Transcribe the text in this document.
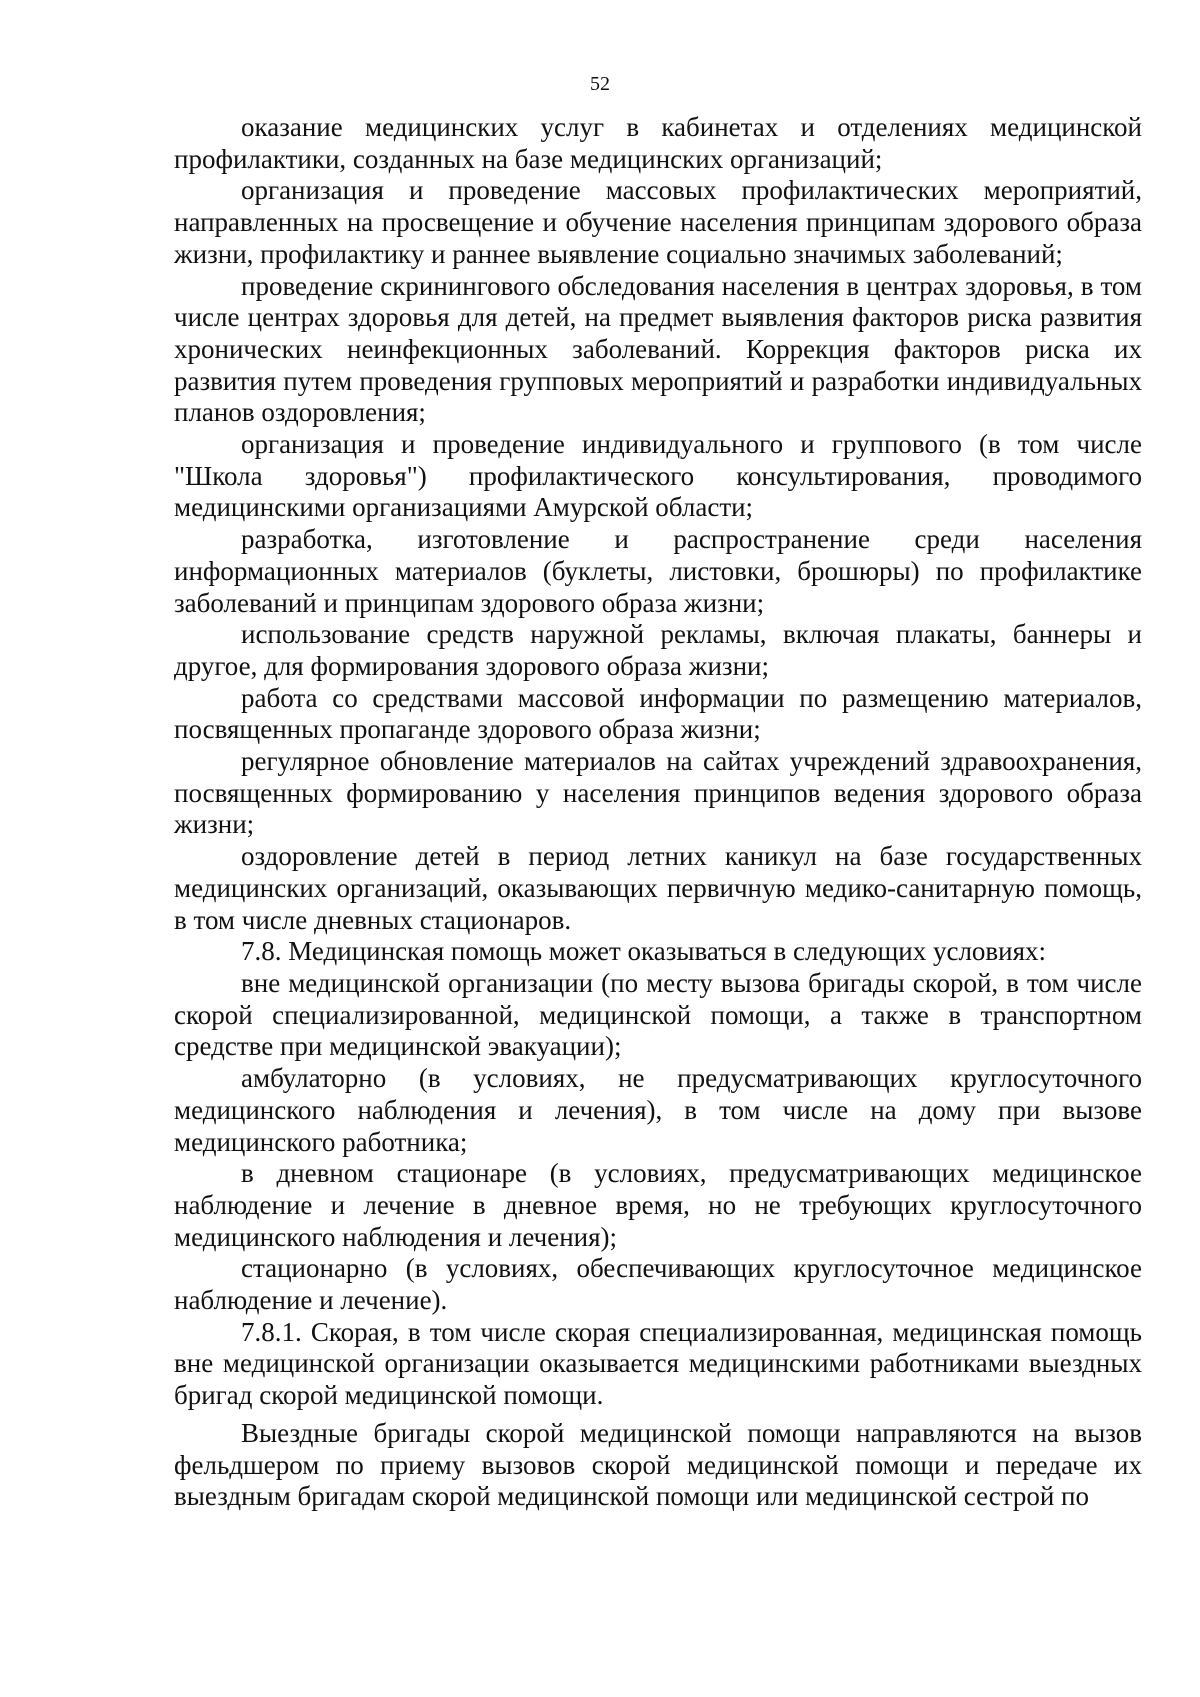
52

оказание медицинских услуг в кабинетах и отделениях медицинской профилактики, созданных на базе медицинских организаций;

организация и проведение массовых профилактических мероприятий, направленных на просвещение и обучение населения принципам здорового образа жизни, профилактику и раннее выявление социально значимых заболеваний;

проведение скринингового обследования населения в центрах здоровья, в том числе центрах здоровья для детей, на предмет выявления факторов риска развития хронических неинфекционных заболеваний. Коррекция факторов риска их развития путем проведения групповых мероприятий и разработки индивидуальных планов оздоровления;

организация и проведение индивидуального и группового (в том числе "Школа здоровья") профилактического консультирования, проводимого медицинскими организациями Амурской области;

разработка, изготовление и распространение среди населения информационных материалов (буклеты, листовки, брошюры) по профилактике заболеваний и принципам здорового образа жизни;

использование средств наружной рекламы, включая плакаты, баннеры и другое, для формирования здорового образа жизни;

работа со средствами массовой информации по размещению материалов, посвященных пропаганде здорового образа жизни;

регулярное обновление материалов на сайтах учреждений здравоохранения, посвященных формированию у населения принципов ведения здорового образа жизни;

оздоровление детей в период летних каникул на базе государственных медицинских организаций, оказывающих первичную медико-санитарную помощь, в том числе дневных стационаров.

7.8. Медицинская помощь может оказываться в следующих условиях:

вне медицинской организации (по месту вызова бригады скорой, в том числе скорой специализированной, медицинской помощи, а также в транспортном средстве при медицинской эвакуации);

амбулаторно (в условиях, не предусматривающих круглосуточного медицинского наблюдения и лечения), в том числе на дому при вызове медицинского работника;

в дневном стационаре (в условиях, предусматривающих медицинское наблюдение и лечение в дневное время, но не требующих круглосуточного медицинского наблюдения и лечения);

стационарно (в условиях, обеспечивающих круглосуточное медицинское наблюдение и лечение).

7.8.1. Скорая, в том числе скорая специализированная, медицинская помощь вне медицинской организации оказывается медицинскими работниками выездных бригад скорой медицинской помощи.

Выездные бригады скорой медицинской помощи направляются на вызов фельдшером по приему вызовов скорой медицинской помощи и передаче их выездным бригадам скорой медицинской помощи или медицинской сестрой по
